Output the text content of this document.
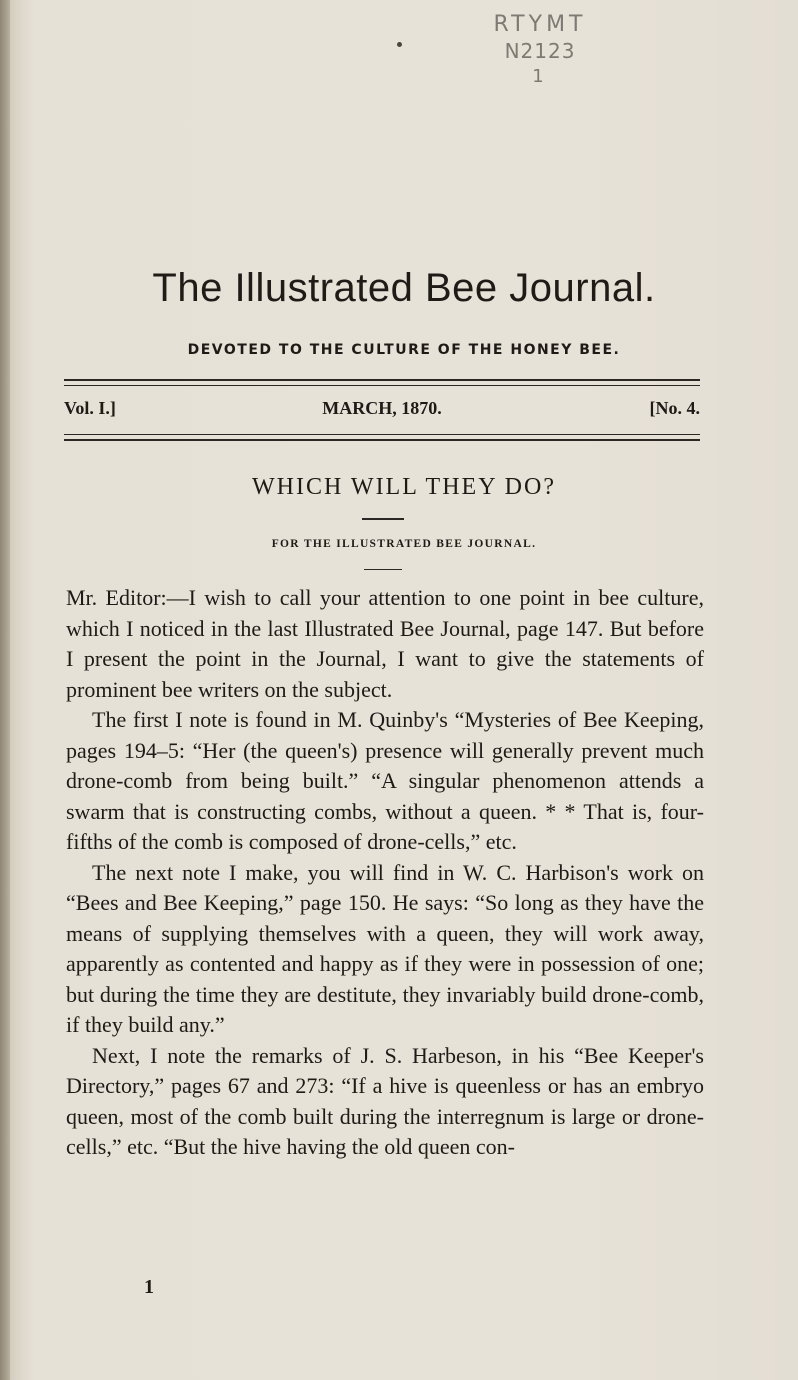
RTYMT
N2123
1
The Illustrated Bee Journal.
DEVOTED TO THE CULTURE OF THE HONEY BEE.
Vol. I.]	MARCH, 1870.	[No. 4.
WHICH WILL THEY DO?
FOR THE ILLUSTRATED BEE JOURNAL.

Mr. Editor:—I wish to call your attention to one point in bee culture, which I noticed in the last Illustrated Bee Journal, page 147. But before I present the point in the Journal, I want to give the statements of prominent bee writers on the subject.

The first I note is found in M. Quinby's “Mysteries of Bee Keeping, pages 194–5: “Her (the queen's) presence will generally prevent much drone-comb from being built.” “A singular phenomenon attends a swarm that is constructing combs, without a queen. * * That is, four-fifths of the comb is composed of drone-cells,” etc.

The next note I make, you will find in W. C. Harbison's work on “Bees and Bee Keeping,” page 150. He says: “So long as they have the means of supplying themselves with a queen, they will work away, apparently as contented and happy as if they were in possession of one; but during the time they are destitute, they invariably build drone-comb, if they build any.”

Next, I note the remarks of J. S. Harbeson, in his “Bee Keeper's Directory,” pages 67 and 273: “If a hive is queenless or has an embryo queen, most of the comb built during the interregnum is large or drone-cells,” etc. “But the hive having the old queen con-

1
